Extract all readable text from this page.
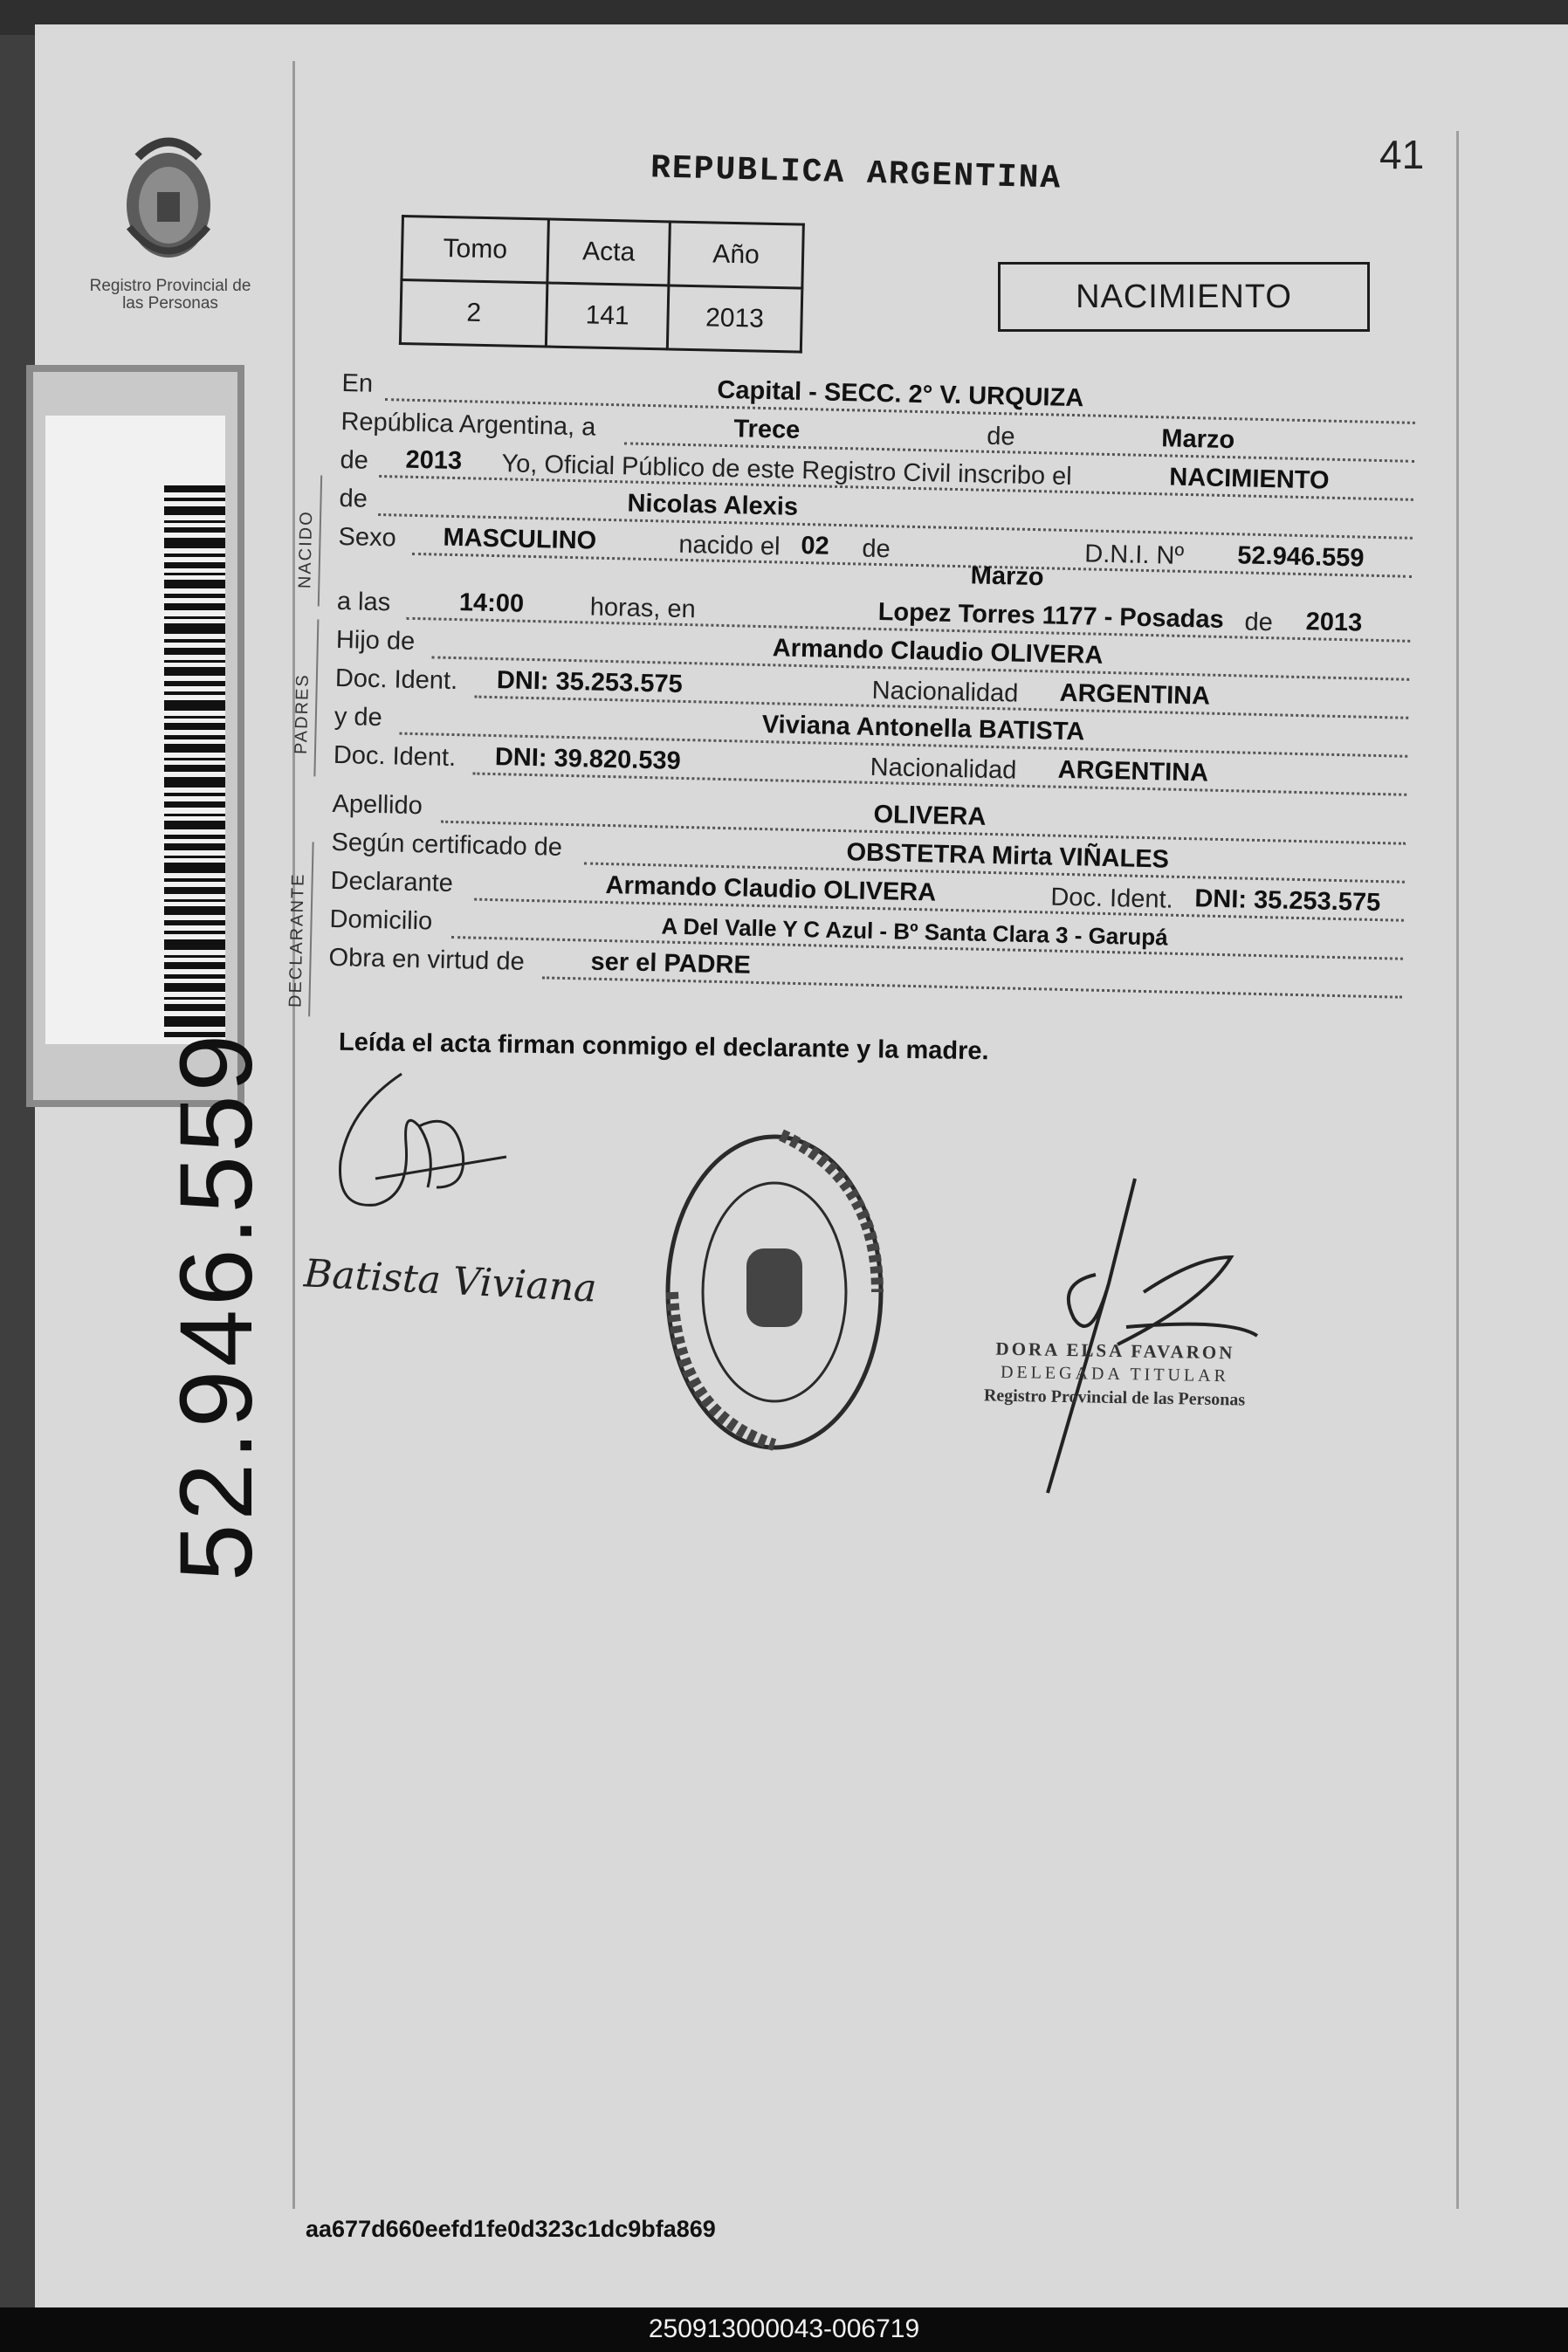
Registro Provincial de las Personas
52.946.559
41
REPUBLICA ARGENTINA
Tomo	Acta	Año
2	141	2013
NACIMIENTO
NACIDO
PADRES
DECLARANTE
En	Capital - SECC. 2° V. URQUIZA
República Argentina, a	Trece	de	Marzo
de 2013 Yo, Oficial Público de este Registro Civil inscribo el	NACIMIENTO
de	Nicolas Alexis
Sexo MASCULINO	nacido el 02 de	D.N.I. Nº 52.946.559
Marzo
a las	14:00	horas, en	Lopez Torres 1177 - Posadas de 2013
Hijo de	Armando Claudio OLIVERA
Doc. Ident. DNI: 35.253.575	Nacionalidad ARGENTINA
y de	Viviana Antonella BATISTA
Doc. Ident. DNI: 39.820.539	Nacionalidad ARGENTINA
Apellido	OLIVERA
Según certificado de	OBSTETRA Mirta VIÑALES
Declarante	Armando Claudio OLIVERA	Doc. Ident. DNI: 35.253.575
Domicilio	A Del Valle Y C Azul - Bº Santa Clara 3 - Garupá
Obra en virtud de	ser el PADRE
Leída el acta firman conmigo el declarante y la madre.
Batista Viviana
DORA ELSA FAVARON
DELEGADA TITULAR
Registro Provincial de las Personas
aa677d660eefd1fe0d323c1dc9bfa869
250913000043-006719
